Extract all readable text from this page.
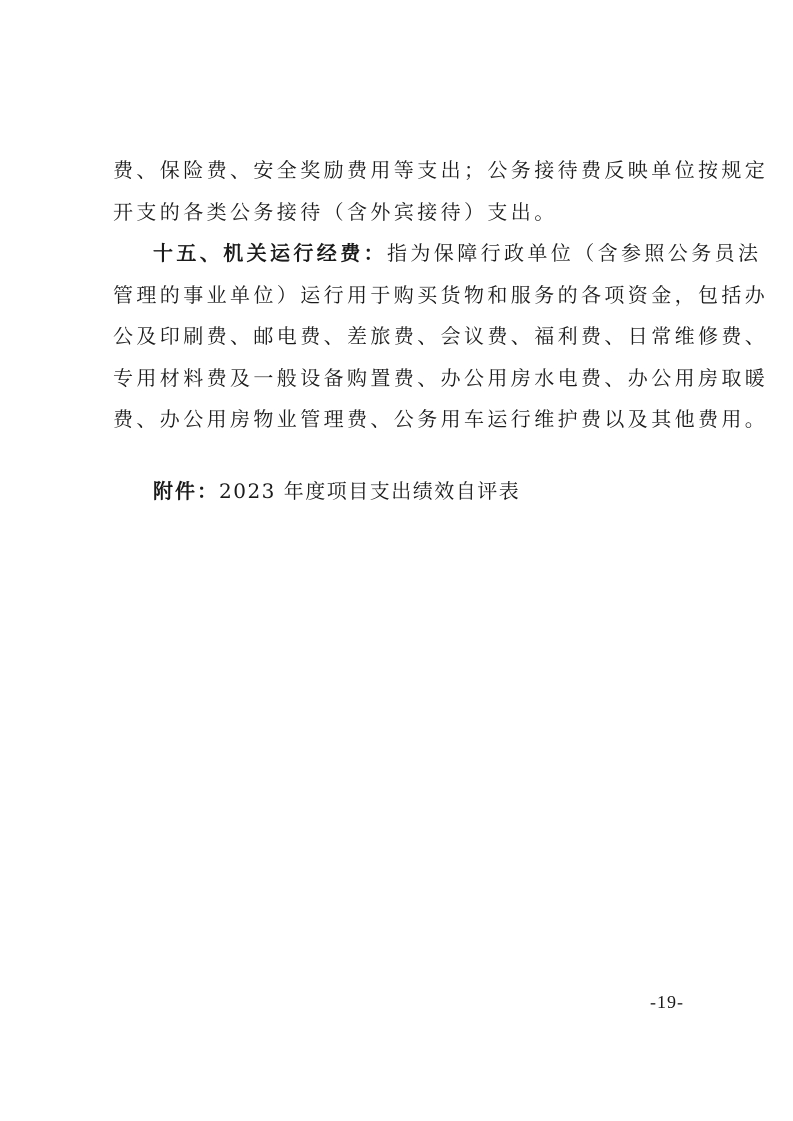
费、保险费、安全奖励费用等支出；公务接待费反映单位按规定

开支的各类公务接待（含外宾接待）支出。

十五、机关运行经费：指为保障行政单位（含参照公务员法

管理的事业单位）运行用于购买货物和服务的各项资金，包括办

公及印刷费、邮电费、差旅费、会议费、福利费、日常维修费、

专用材料费及一般设备购置费、办公用房水电费、办公用房取暖

费、办公用房物业管理费、公务用车运行维护费以及其他费用。

附件：2023 年度项目支出绩效自评表

-19-
